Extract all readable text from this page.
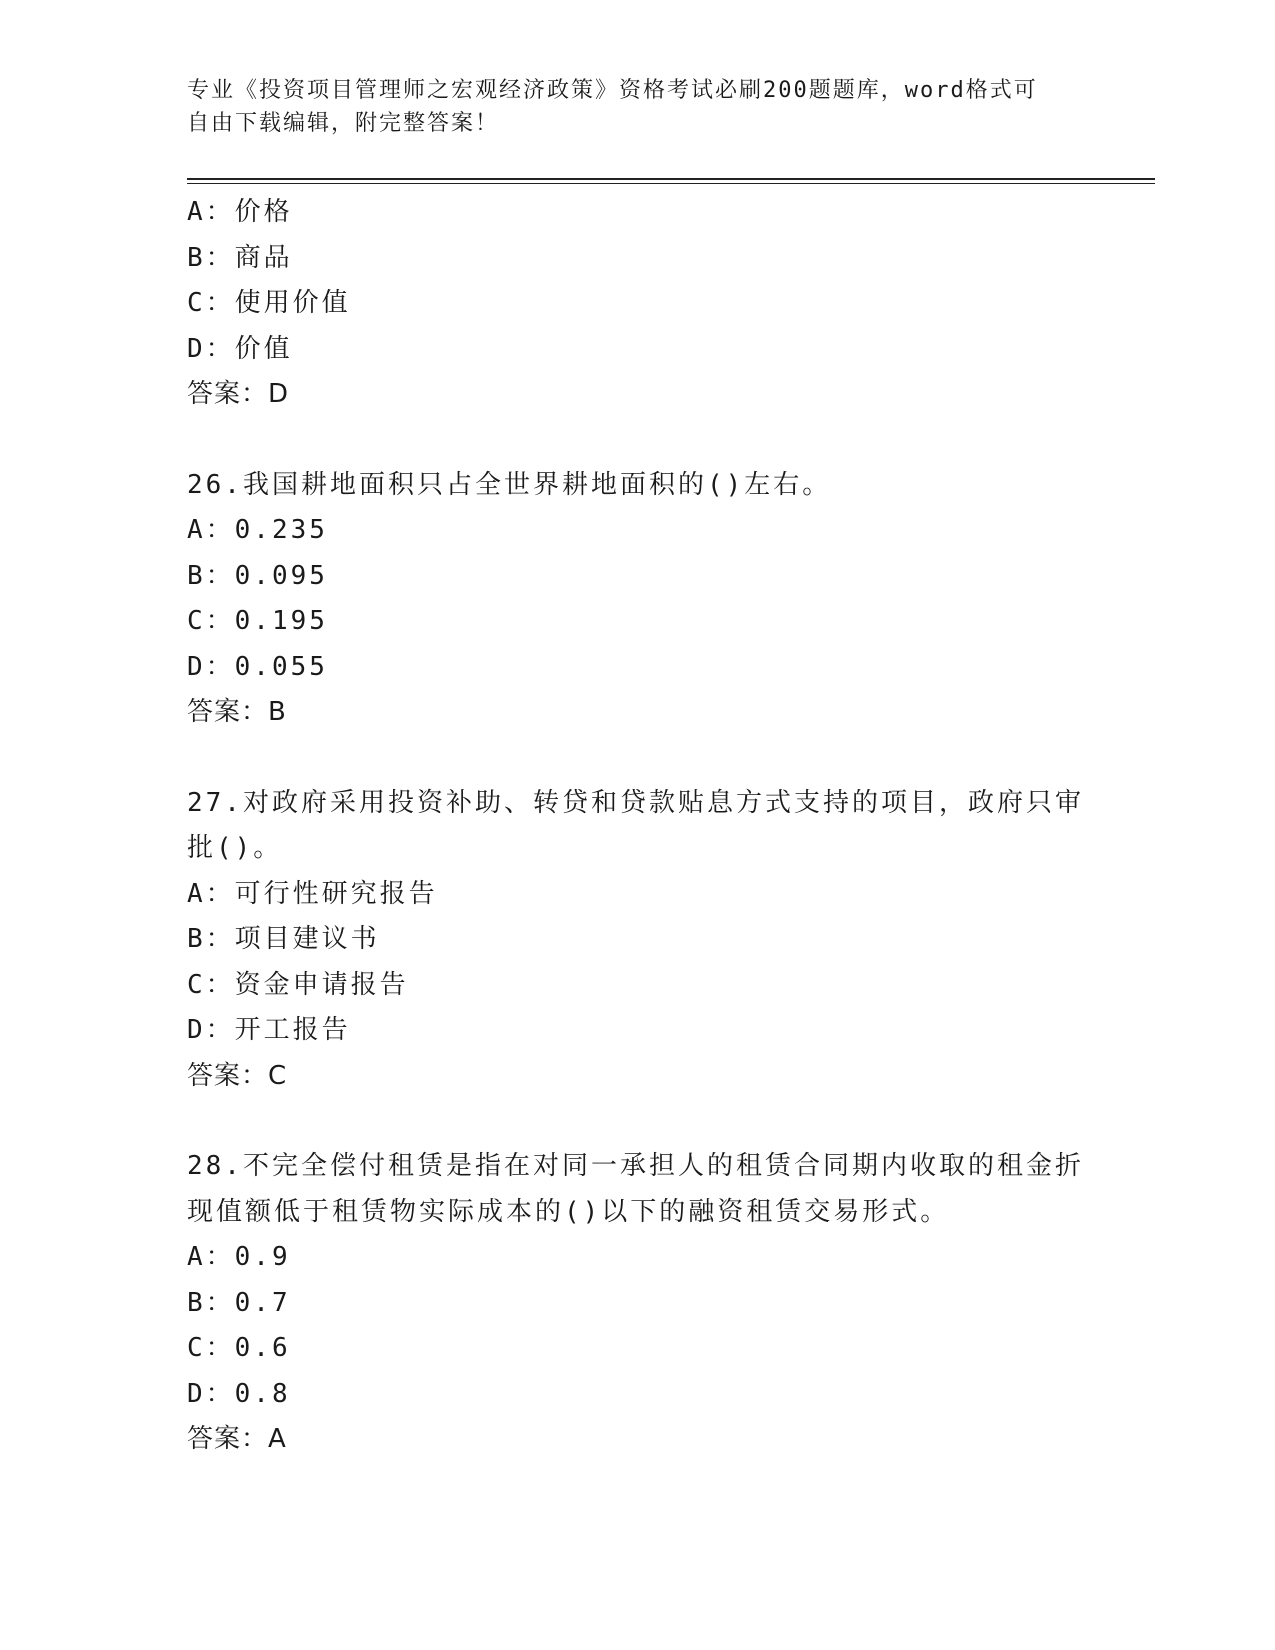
专业《投资项目管理师之宏观经济政策》资格考试必刷200题题库，word格式可
自由下载编辑，附完整答案！
A：价格
B：商品
C：使用价值
D：价值
答案：D
26.我国耕地面积只占全世界耕地面积的()左右。
A：0.235
B：0.095
C：0.195
D：0.055
答案：B
27.对政府采用投资补助、转贷和贷款贴息方式支持的项目，政府只审
批()。
A：可行性研究报告
B：项目建议书
C：资金申请报告
D：开工报告
答案：C
28.不完全偿付租赁是指在对同一承担人的租赁合同期内收取的租金折
现值额低于租赁物实际成本的()以下的融资租赁交易形式。
A：0.9
B：0.7
C：0.6
D：0.8
答案：A
